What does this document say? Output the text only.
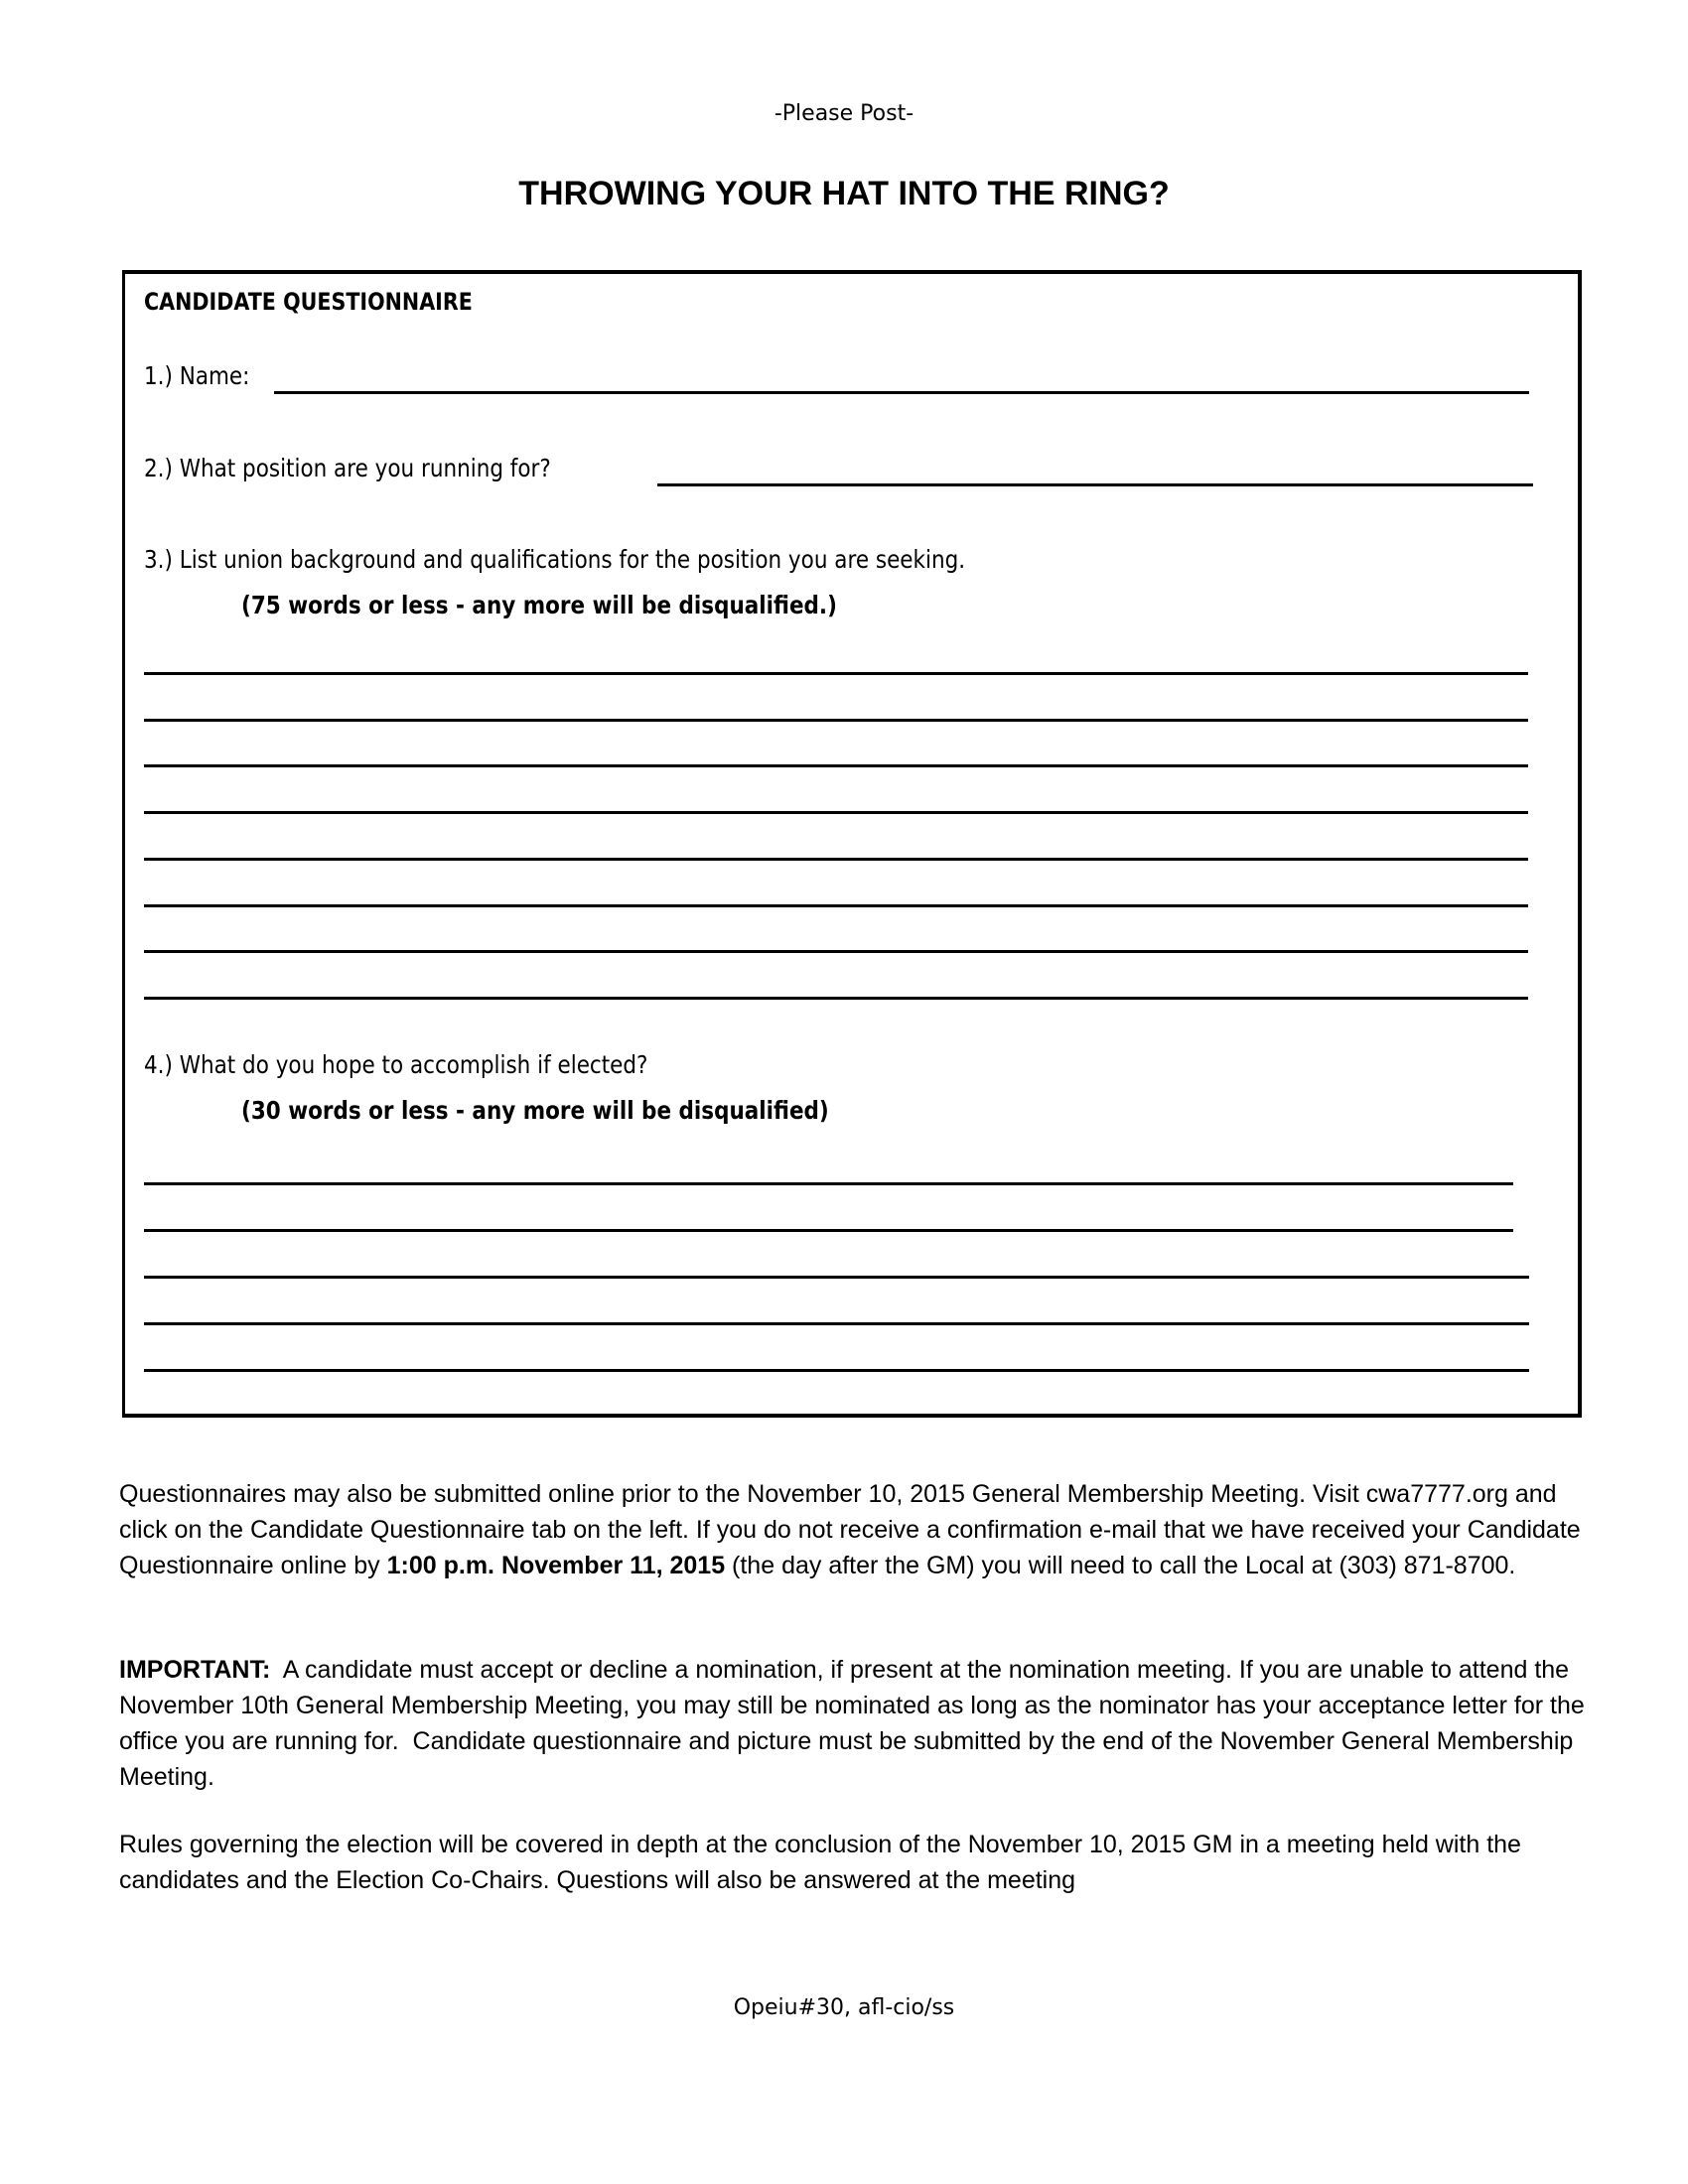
-Please Post-
THROWING YOUR HAT INTO THE RING?
CANDIDATE QUESTIONNAIRE
1.) Name:
2.) What position are you running for?
3.) List union background and qualifications for the position you are seeking.
(75 words or less - any more will be disqualified.)
4.) What do you hope to accomplish if elected?
(30 words or less - any more will be disqualified)
Questionnaires may also be submitted online prior to the November 10, 2015 General Membership Meeting. Visit cwa7777.org and click on the Candidate Questionnaire tab on the left. If you do not receive a confirmation e-mail that we have received your Candidate Questionnaire online by 1:00 p.m. November 11, 2015 (the day after the GM) you will need to call the Local at (303) 871-8700.
IMPORTANT:  A candidate must accept or decline a nomination, if present at the nomination meeting. If you are unable to attend the November 10th General Membership Meeting, you may still be nominated as long as the nominator has your acceptance letter for the office you are running for.  Candidate questionnaire and picture must be submitted by the end of the November General Membership Meeting.
Rules governing the election will be covered in depth at the conclusion of the November 10, 2015 GM in a meeting held with the candidates and the Election Co-Chairs. Questions will also be answered at the meeting
Opeiu#30, afl-cio/ss
